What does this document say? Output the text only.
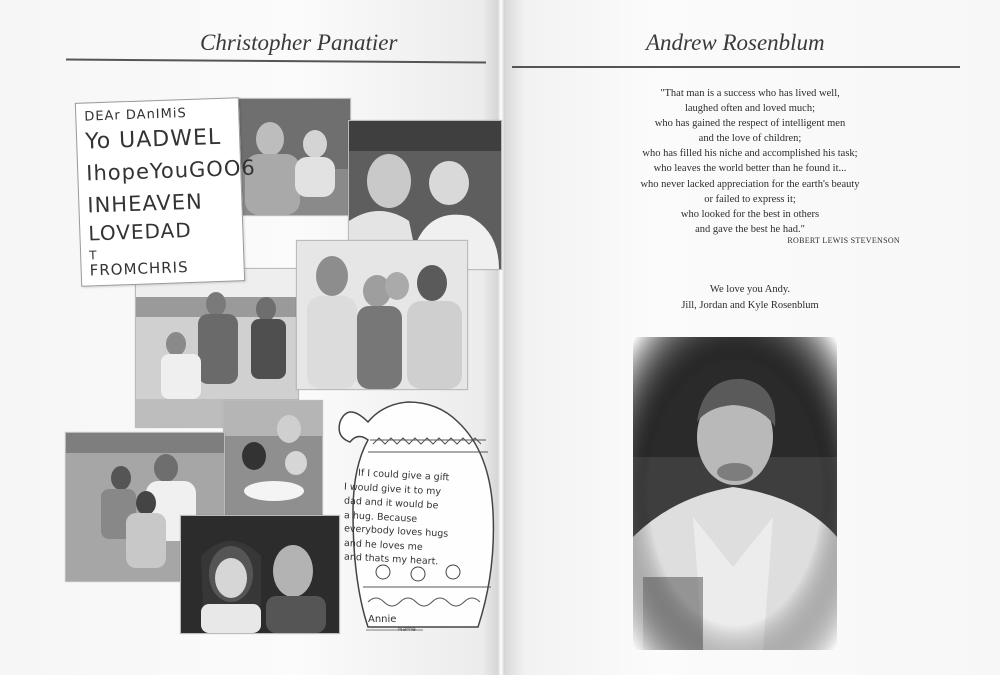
Christopher Panatier	Andrew Rosenblum
DEAr DAnIMiS
Yo UADWEL
IhopeYouGOO6
INHEAVEN
LOVEDAD
T
FROMCHRIS
If I could give a gift
I would give it to my
dad and it would be
a hug. Because
everybody loves hugs
and he loves me
and thats my heart.
Annie
Name
"That man is a success who has lived well,
laughed often and loved much;
who has gained the respect of intelligent men
and the love of children;
who has filled his niche and accomplished his task;
who leaves the world better than he found it...
who never lacked appreciation for the earth's beauty
or failed to express it;
who looked for the best in others
and gave the best he had."
ROBERT LEWIS STEVENSON
We love you Andy.
Jill, Jordan and Kyle Rosenblum
